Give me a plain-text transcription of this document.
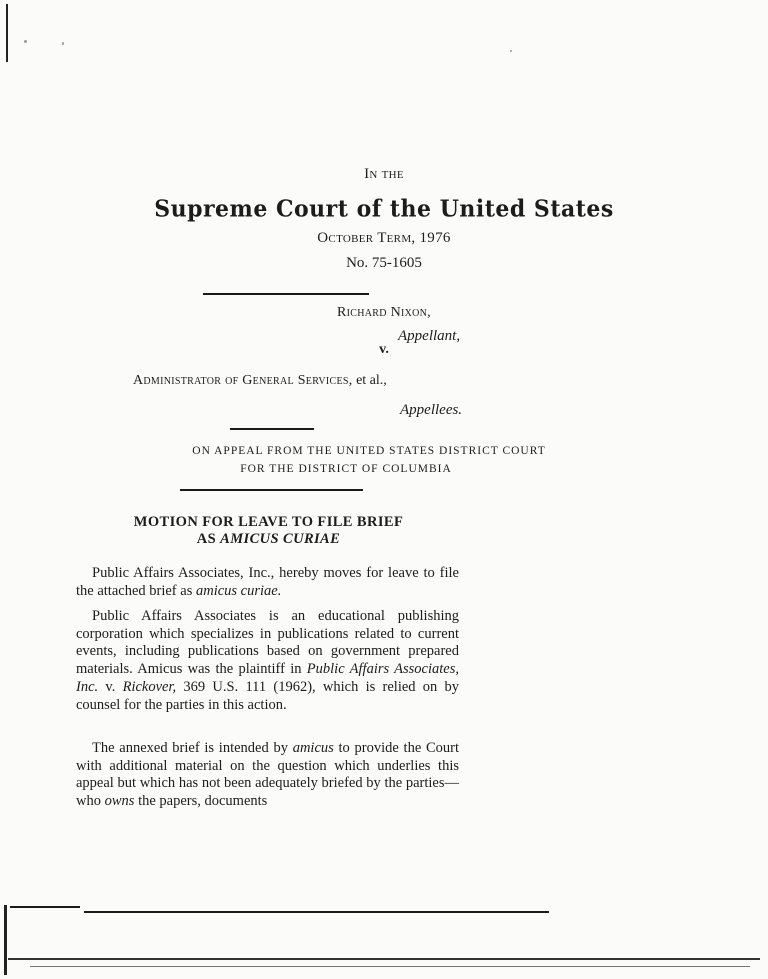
In the
Supreme Court of the United States
October Term, 1976
No. 75-1605
Richard Nixon,
Appellant,
v.
Administrator of General Services, et al.,
Appellees.
ON APPEAL FROM THE UNITED STATES DISTRICT COURT
FOR THE DISTRICT OF COLUMBIA
MOTION FOR LEAVE TO FILE BRIEF
AS AMICUS CURIAE

Public Affairs Associates, Inc., hereby moves for leave to file the attached brief as amicus curiae.

Public Affairs Associates is an educational publishing corporation which specializes in publications related to current events, including publications based on government prepared materials. Amicus was the plaintiff in Public Affairs Associates, Inc. v. Rickover, 369 U.S. 111 (1962), which is relied on by counsel for the parties in this action.

The annexed brief is intended by amicus to provide the Court with additional material on the question which underlies this appeal but which has not been adequately briefed by the parties—who owns the papers, documents
